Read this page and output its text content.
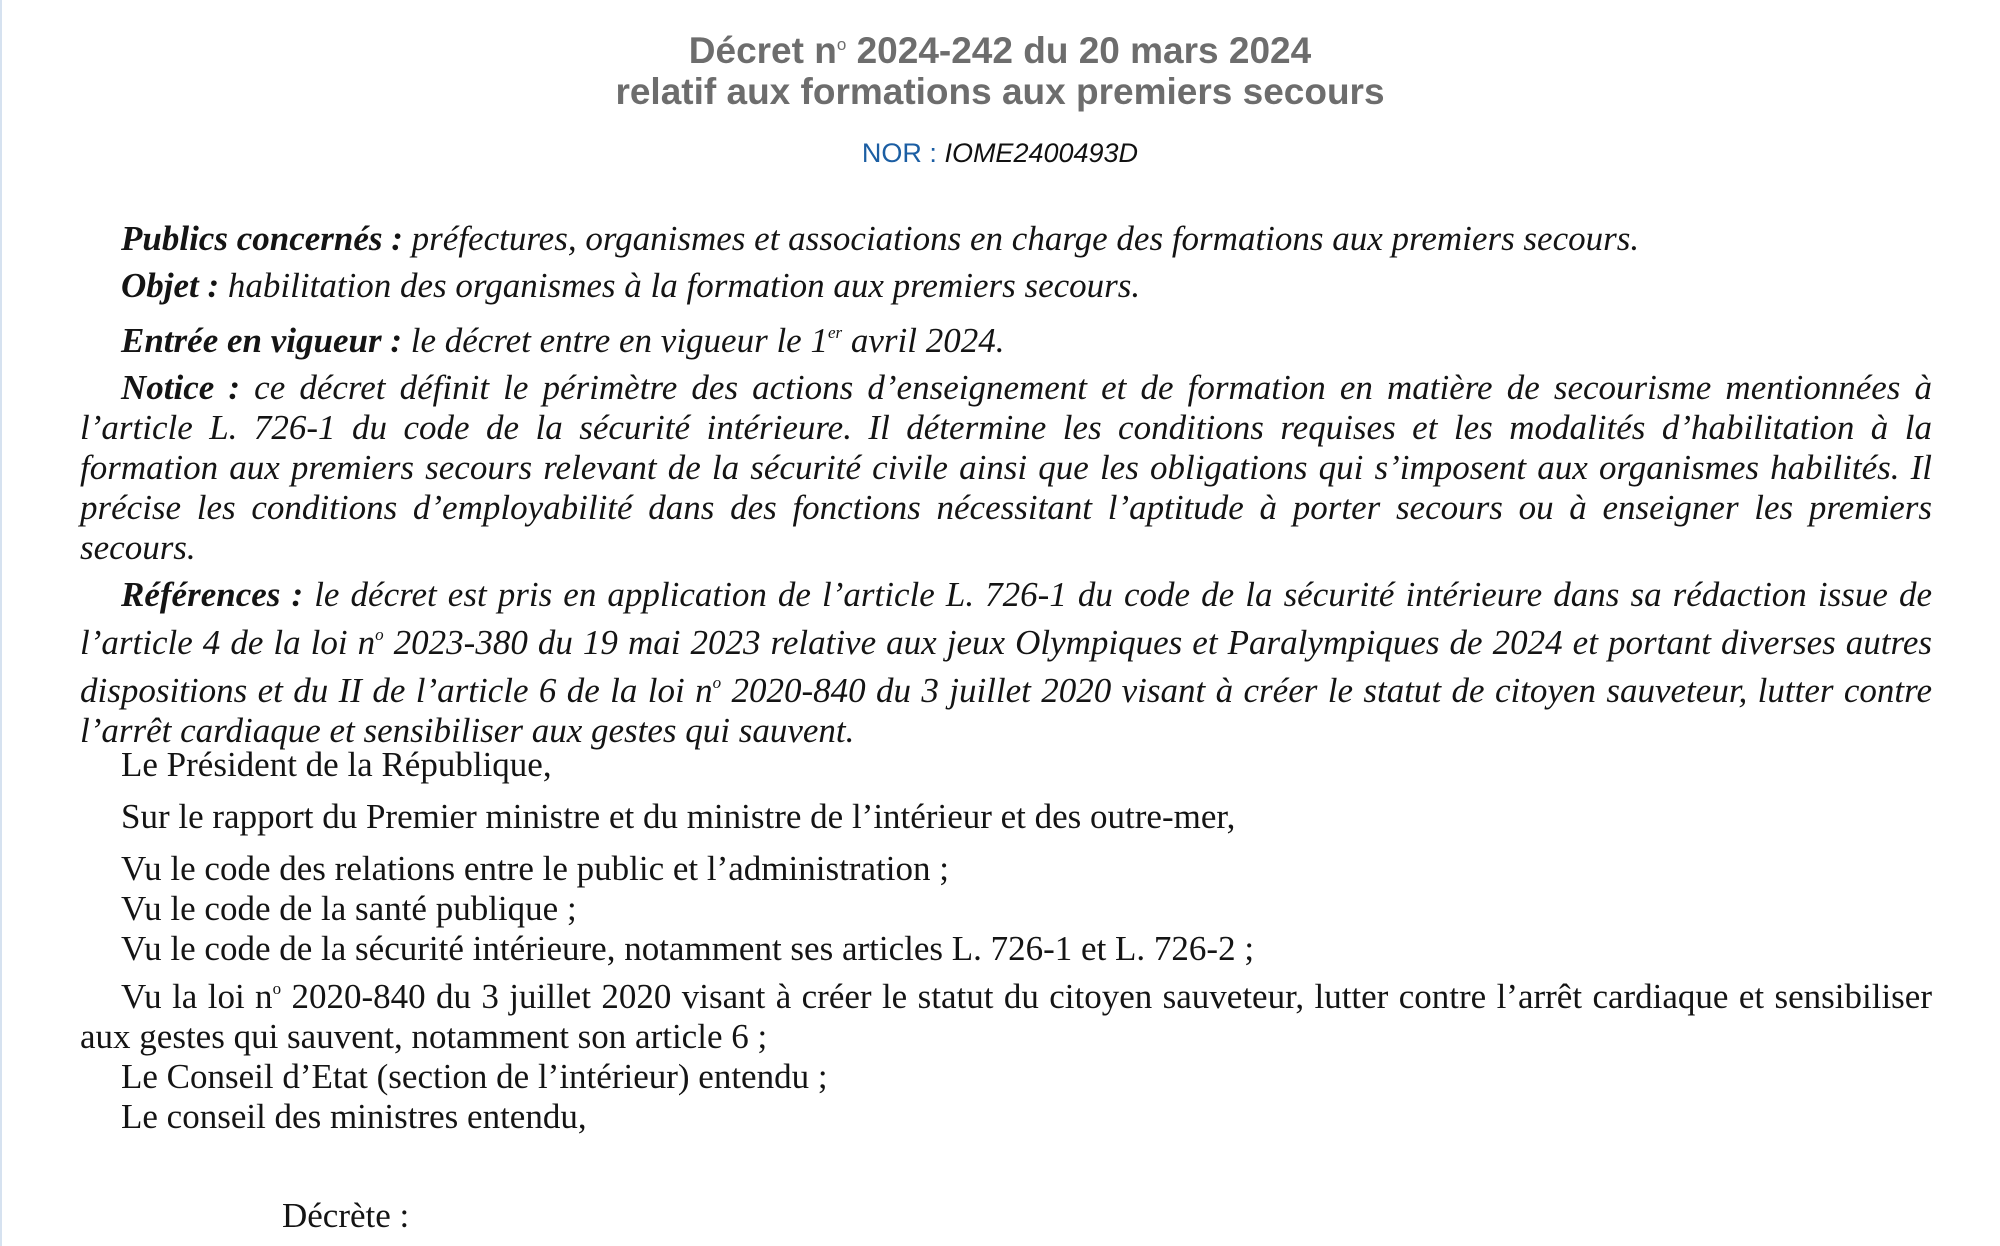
Décret $n^o$ 2024-242 du 20 mars 2024
relatif aux formations aux premiers secours
NOR : IOME2400493D

Publics concernés : préfectures, organismes et associations en charge des formations aux premiers secours.

Objet : habilitation des organismes à la formation aux premiers secours.

Entrée en vigueur : le décret entre en vigueur le 1er avril 2024.

Notice : ce décret définit le périmètre des actions d’enseignement et de formation en matière de secourisme mentionnées à l’article L. 726-1 du code de la sécurité intérieure. Il détermine les conditions requises et les modalités d’habilitation à la formation aux premiers secours relevant de la sécurité civile ainsi que les obligations qui s’imposent aux organismes habilités. Il précise les conditions d’employabilité dans des fonctions nécessitant l’aptitude à porter secours ou à enseigner les premiers secours.

Références : le décret est pris en application de l’article L. 726-1 du code de la sécurité intérieure dans sa rédaction issue de l’article 4 de la loi $n^o$ 2023-380 du 19 mai 2023 relative aux jeux Olympiques et Paralympiques de 2024 et portant diverses autres dispositions et du II de l’article 6 de la loi $n^o$ 2020-840 du 3 juillet 2020 visant à créer le statut de citoyen sauveteur, lutter contre l’arrêt cardiaque et sensibiliser aux gestes qui sauvent.

Le Président de la République,

Sur le rapport du Premier ministre et du ministre de l’intérieur et des outre-mer,

Vu le code des relations entre le public et l’administration ;

Vu le code de la santé publique ;

Vu le code de la sécurité intérieure, notamment ses articles L. 726-1 et L. 726-2 ;

Vu la loi $n^o$ 2020-840 du 3 juillet 2020 visant à créer le statut du citoyen sauveteur, lutter contre l’arrêt cardiaque et sensibiliser aux gestes qui sauvent, notamment son article 6 ;

Le Conseil d’Etat (section de l’intérieur) entendu ;

Le conseil des ministres entendu,

Décrète :
